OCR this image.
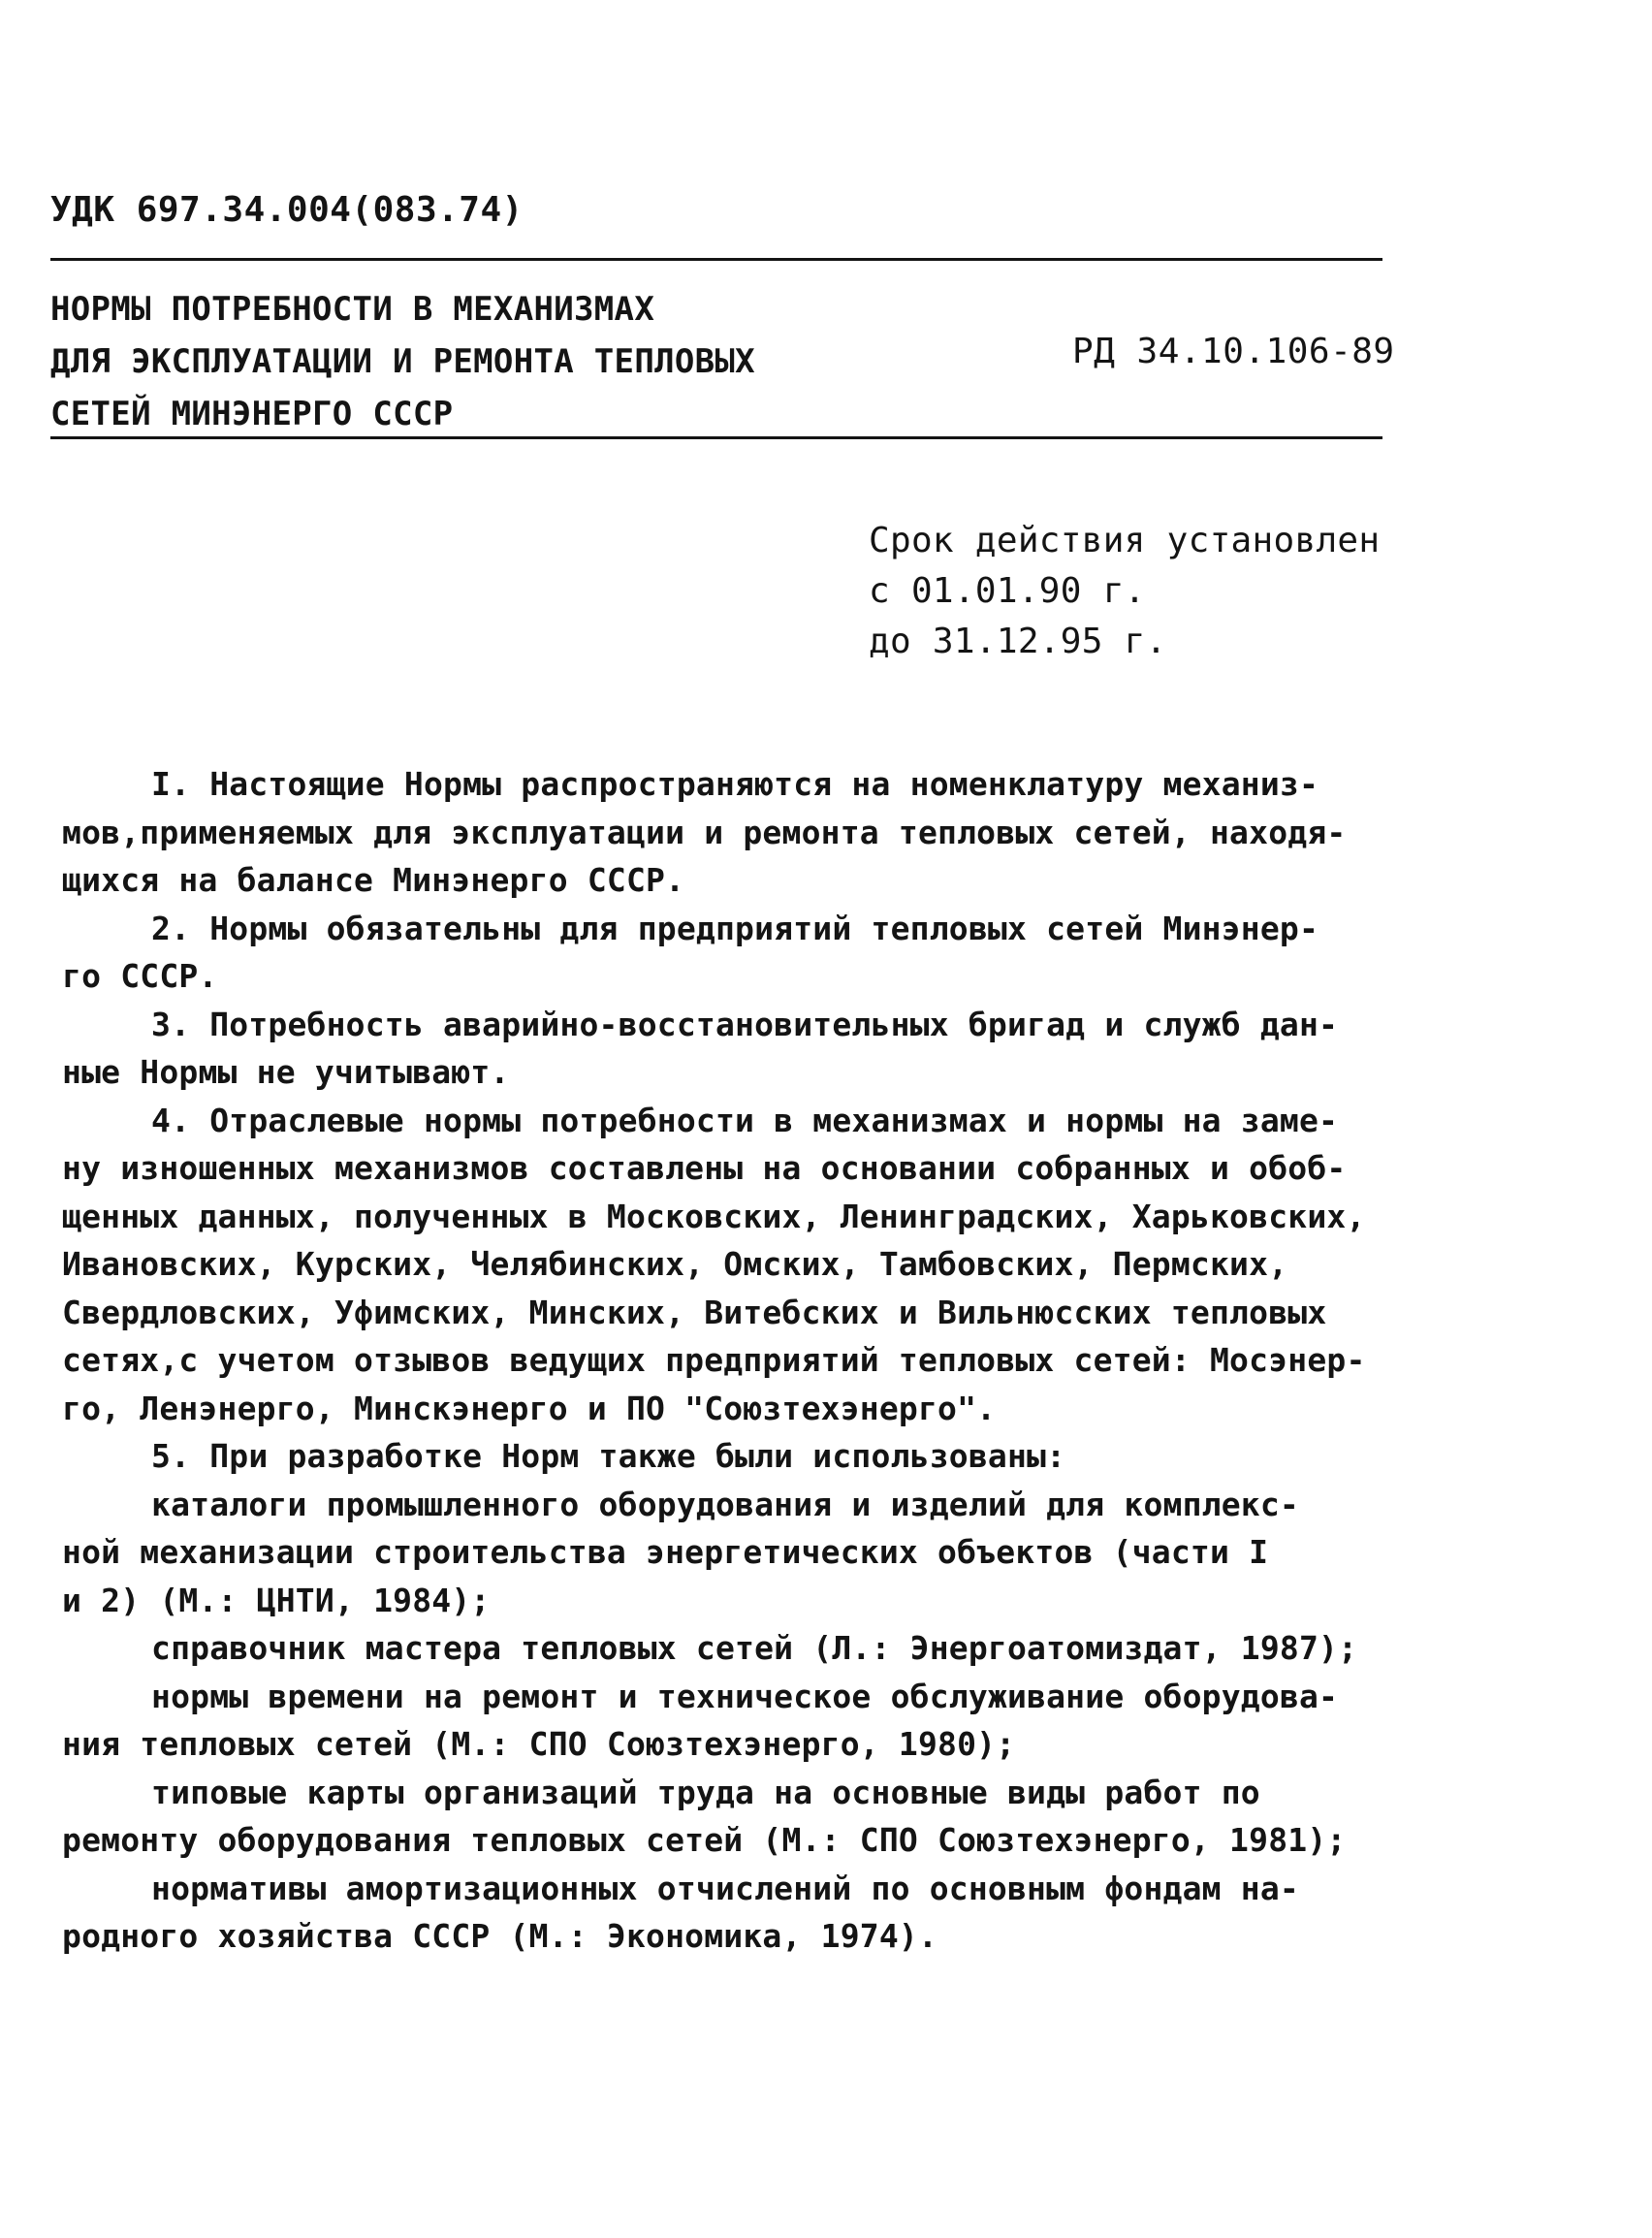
УДК 697.34.004(083.74)
НОРМЫ ПОТРЕБНОСТИ В МЕХАНИЗМАХ
ДЛЯ ЭКСПЛУАТАЦИИ И РЕМОНТА ТЕПЛОВЫХ
СЕТЕЙ МИНЭНЕРГО СССР
РД 34.10.106-89
Срок действия установлен
с 01.01.90 г.
до 31.12.95 г.
I. Настоящие Нормы распространяются на номенклатуру механиз-
мов,применяемых для эксплуатации и ремонта тепловых сетей, находя-
щихся на балансе Минэнерго СССР.
2. Нормы обязательны для предприятий тепловых сетей Минэнер-
го СССР.
3. Потребность аварийно-восстановительных бригад и служб дан-
ные Нормы не учитывают.
4. Отраслевые нормы потребности в механизмах и нормы на заме-
ну изношенных механизмов составлены на основании собранных и обоб-
щенных данных, полученных в Московских, Ленинградских, Харьковских,
Ивановских, Курских, Челябинских, Омских, Тамбовских, Пермских,
Свердловских, Уфимских, Минских, Витебских и Вильнюсских тепловых
сетях,с учетом отзывов ведущих предприятий тепловых сетей: Мосэнер-
го, Ленэнерго, Минскэнерго и ПО "Союзтехэнерго".
5. При разработке Норм также были использованы:
каталоги промышленного оборудования и изделий для комплекс-
ной механизации строительства энергетических объектов (части I
и 2) (М.: ЦНТИ, 1984);
справочник мастера тепловых сетей (Л.: Энергоатомиздат, 1987);
нормы времени на ремонт и техническое обслуживание оборудова-
ния тепловых сетей (М.: СПО Союзтехэнерго, 1980);
типовые карты организаций труда на основные виды работ по
ремонту оборудования тепловых сетей (М.: СПО Союзтехэнерго, 1981);
нормативы амортизационных отчислений по основным фондам на-
родного хозяйства СССР (М.: Экономика, 1974).
